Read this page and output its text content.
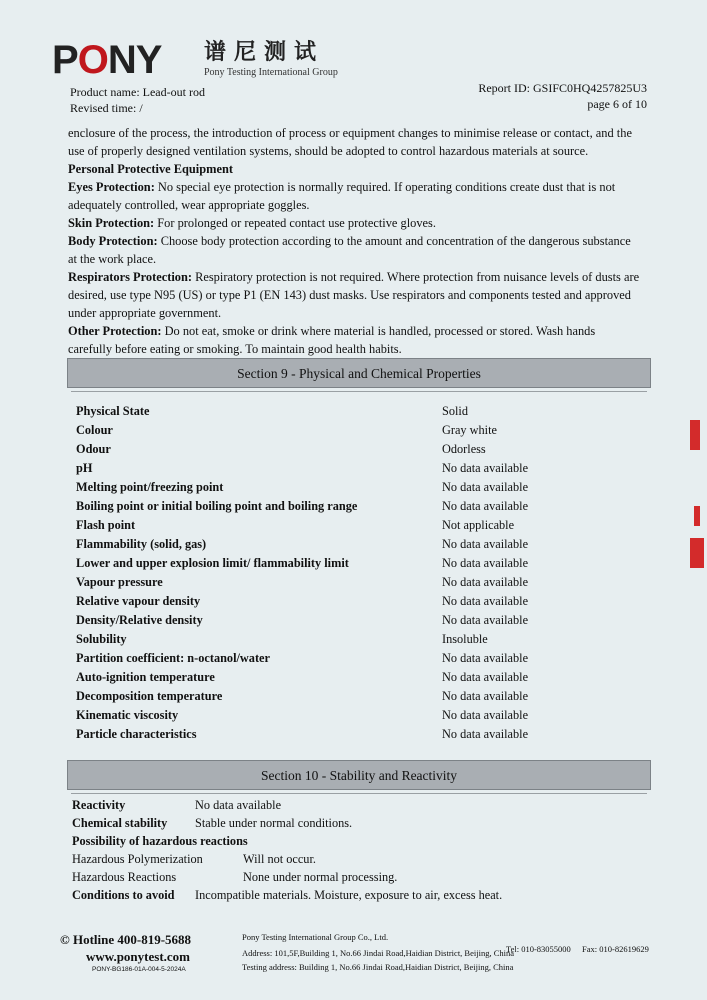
PONY 谱尼测试
Pony Testing International Group
Product name: Lead-out rod
Revised time: /
Report ID: GSIFC0HQ4257825U3
page 6 of 10

enclosure of the process, the introduction of process or equipment changes to minimise release or contact, and the use of properly designed ventilation systems, should be adopted to control hazardous materials at source.

Personal Protective Equipment

Eyes Protection: No special eye protection is normally required. If operating conditions create dust that is not adequately controlled, wear appropriate goggles.

Skin Protection: For prolonged or repeated contact use protective gloves.

Body Protection: Choose body protection according to the amount and concentration of the dangerous substance at the work place.

Respirators Protection: Respiratory protection is not required. Where protection from nuisance levels of dusts are desired, use type N95 (US) or type P1 (EN 143) dust masks. Use respirators and components tested and approved under appropriate government.

Other Protection: Do not eat, smoke or drink where material is handled, processed or stored. Wash hands carefully before eating or smoking. To maintain good health habits.

Section 9 - Physical and Chemical Properties
Physical State	Solid
Colour	Gray white
Odour	Odorless
pH	No data available
Melting point/freezing point	No data available
Boiling point or initial boiling point and boiling range	No data available
Flash point	Not applicable
Flammability (solid, gas)	No data available
Lower and upper explosion limit/ flammability limit	No data available
Vapour pressure	No data available
Relative vapour density	No data available
Density/Relative density	No data available
Solubility	Insoluble
Partition coefficient: n-octanol/water	No data available
Auto-ignition temperature	No data available
Decomposition temperature	No data available
Kinematic viscosity	No data available
Particle characteristics	No data available
Section 10 - Stability and Reactivity
Reactivity	No data available
Chemical stability Stable under normal conditions.
Possibility of hazardous reactions
Hazardous Polymerization	Will not occur.
Hazardous Reactions	None under normal processing.
Conditions to avoid Incompatible materials. Moisture, exposure to air, excess heat.
© Hotline 400-819-5688
www.ponytest.com
PONY-BG186-01A-004-5-2024A
Pony Testing International Group Co., Ltd.
Address: 101,5F,Building 1, No.66 Jindai Road,Haidian District, Beijing, China
Testing address: Building 1, No.66 Jindai Road,Haidian District, Beijing, China
Tel: 010-83055000 Fax: 010-82619629
